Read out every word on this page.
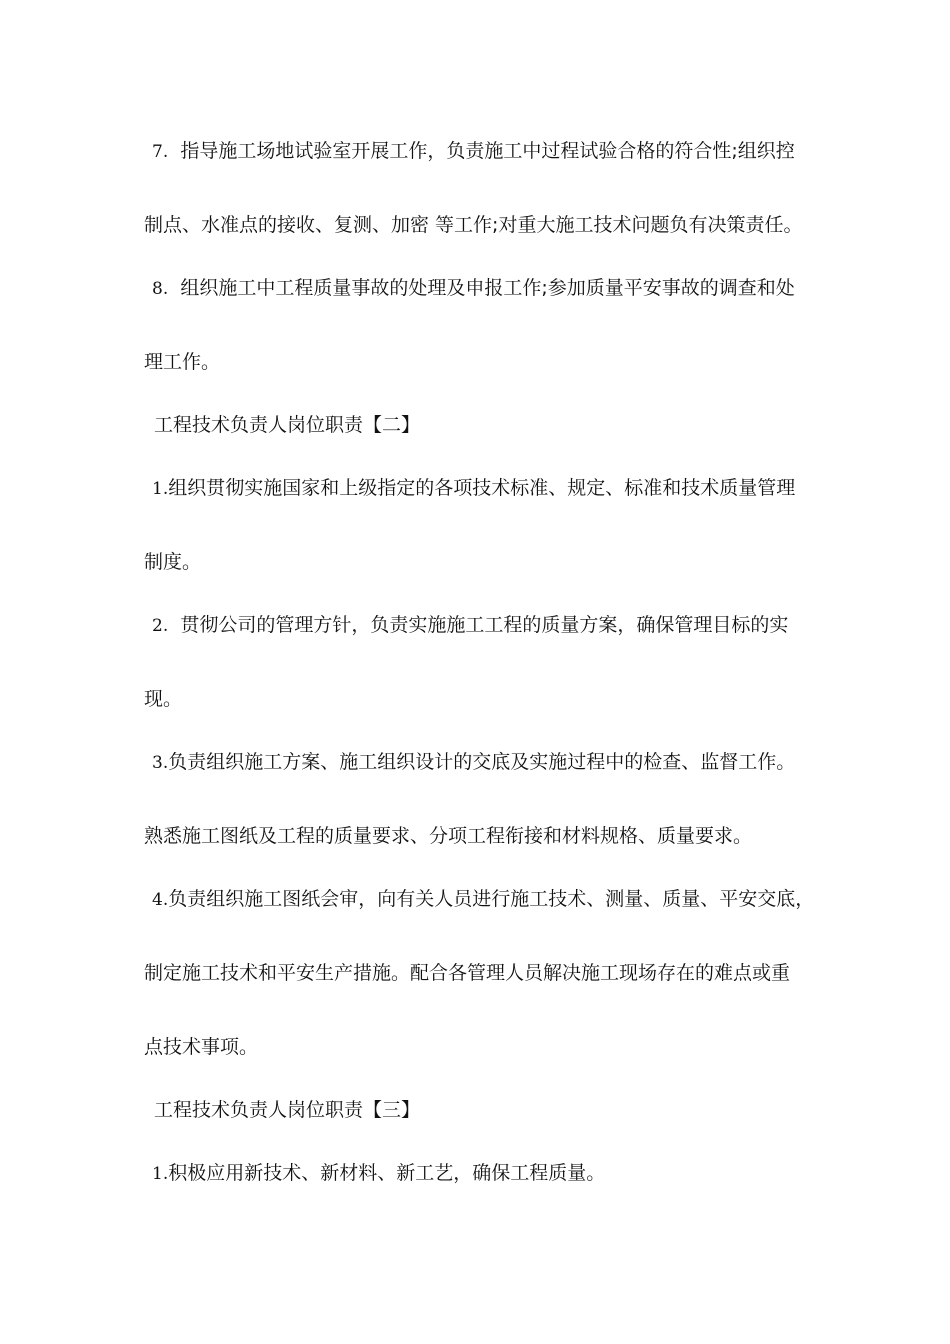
7. 指导施工场地试验室开展工作，负责施工中过程试验合格的符合性;组织控
制点、水准点的接收、复测、加密 等工作;对重大施工技术问题负有决策责任。
8. 组织施工中工程质量事故的处理及申报工作;参加质量平安事故的调查和处
理工作。
工程技术负责人岗位职责【二】
1.组织贯彻实施国家和上级指定的各项技术标准、规定、标准和技术质量管理
制度。
2. 贯彻公司的管理方针，负责实施施工工程的质量方案，确保管理目标的实
现。
3.负责组织施工方案、施工组织设计的交底及实施过程中的检查、监督工作。
熟悉施工图纸及工程的质量要求、分项工程衔接和材料规格、质量要求。
4.负责组织施工图纸会审，向有关人员进行施工技术、测量、质量、平安交底，
制定施工技术和平安生产措施。配合各管理人员解决施工现场存在的难点或重
点技术事项。
工程技术负责人岗位职责【三】
1.积极应用新技术、新材料、新工艺，确保工程质量。
